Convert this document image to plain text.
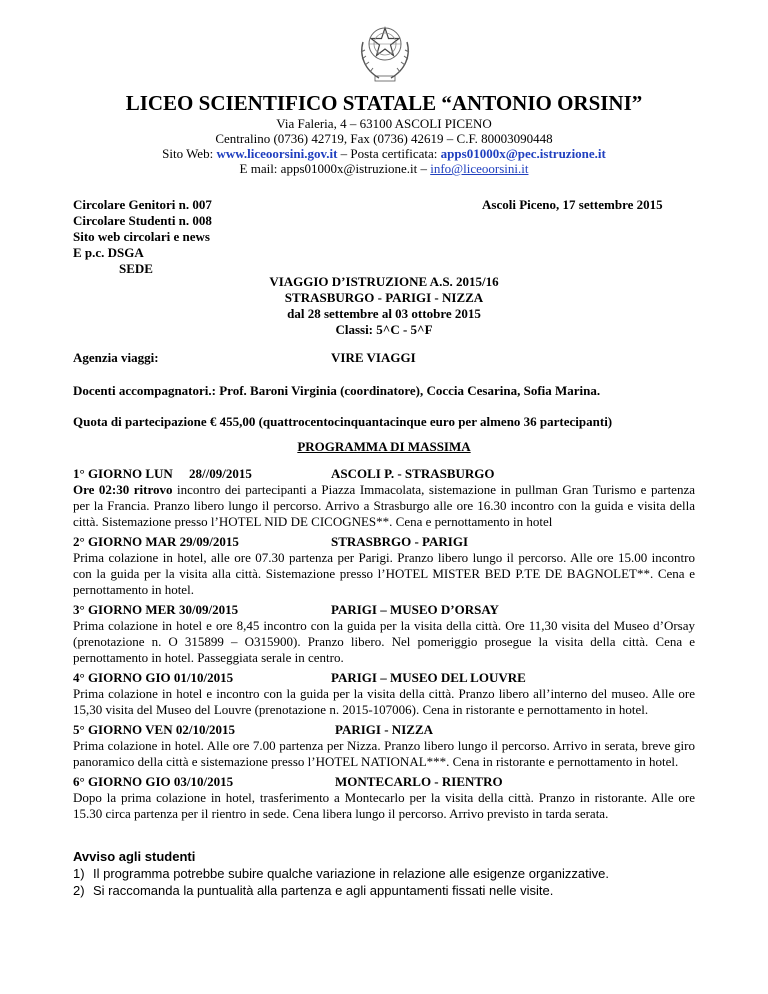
LICEO SCIENTIFICO STATALE “ANTONIO ORSINI”
Via Faleria, 4 – 63100 ASCOLI PICENO
Centralino (0736) 42719, Fax (0736) 42619 – C.F. 80003090448
Sito Web: www.liceoorsini.gov.it – Posta certificata: apps01000x@pec.istruzione.it
E mail: apps01000x@istruzione.it – info@liceoorsini.it
Circolare Genitori n. 007
Circolare Studenti n. 008
Sito web circolari e news
E p.c. DSGA
SEDE
Ascoli Piceno, 17 settembre 2015
VIAGGIO D’ISTRUZIONE A.S. 2015/16
STRASBURGO - PARIGI - NIZZA
dal 28 settembre al 03 ottobre 2015
Classi: 5^C - 5^F
Agenzia viaggi:	VIRE VIAGGI
Docenti accompagnatori.: Prof. Baroni Virginia (coordinatore), Coccia Cesarina, Sofia Marina.
Quota di partecipazione € 455,00 (quattrocentocinquantacinque euro per almeno 36 partecipanti)
PROGRAMMA DI MASSIMA
1° GIORNO LUN 28//09/2015	ASCOLI P. - STRASBURGO
Ore 02:30 ritrovo incontro dei partecipanti a Piazza Immacolata, sistemazione in pullman Gran Turismo e partenza per la Francia. Pranzo libero lungo il percorso. Arrivo a Strasburgo alle ore 16.30 incontro con la guida e visita della città. Sistemazione presso l’HOTEL NID DE CICOGNES**. Cena e pernottamento in hotel
2° GIORNO MAR 29/09/2015	STRASBRGO - PARIGI
Prima colazione in hotel, alle ore 07.30 partenza per Parigi. Pranzo libero lungo il percorso. Alle ore 15.00 incontro con la guida per la visita alla città. Sistemazione presso l’HOTEL MISTER BED P.TE DE BAGNOLET**. Cena e pernottamento in hotel.
3° GIORNO MER 30/09/2015	PARIGI – MUSEO D’ORSAY
Prima colazione in hotel e ore 8,45 incontro con la guida per la visita della città. Ore 11,30 visita del Museo d’Orsay (prenotazione n. O 315899 – O315900). Pranzo libero. Nel pomeriggio prosegue la visita della città. Cena e pernottamento in hotel. Passeggiata serale in centro.
4° GIORNO GIO 01/10/2015	PARIGI – MUSEO DEL LOUVRE
Prima colazione in hotel e incontro con la guida per la visita della città. Pranzo libero all’interno del museo. Alle ore 15,30 visita del Museo del Louvre (prenotazione n. 2015-107006). Cena in ristorante e pernottamento in hotel.
5° GIORNO VEN 02/10/2015	PARIGI - NIZZA
Prima colazione in hotel. Alle ore 7.00 partenza per Nizza. Pranzo libero lungo il percorso. Arrivo in serata, breve giro panoramico della città e sistemazione presso l’HOTEL NATIONAL***. Cena in ristorante e pernottamento in hotel.
6° GIORNO GIO 03/10/2015	MONTECARLO - RIENTRO
Dopo la prima colazione in hotel, trasferimento a Montecarlo per la visita della città. Pranzo in ristorante. Alle ore 15.30 circa partenza per il rientro in sede. Cena libera lungo il percorso. Arrivo previsto in tarda serata.
Avviso agli studenti
1) Il programma potrebbe subire qualche variazione in relazione alle esigenze organizzative.
2) Si raccomanda la puntualità alla partenza e agli appuntamenti fissati nelle visite.
